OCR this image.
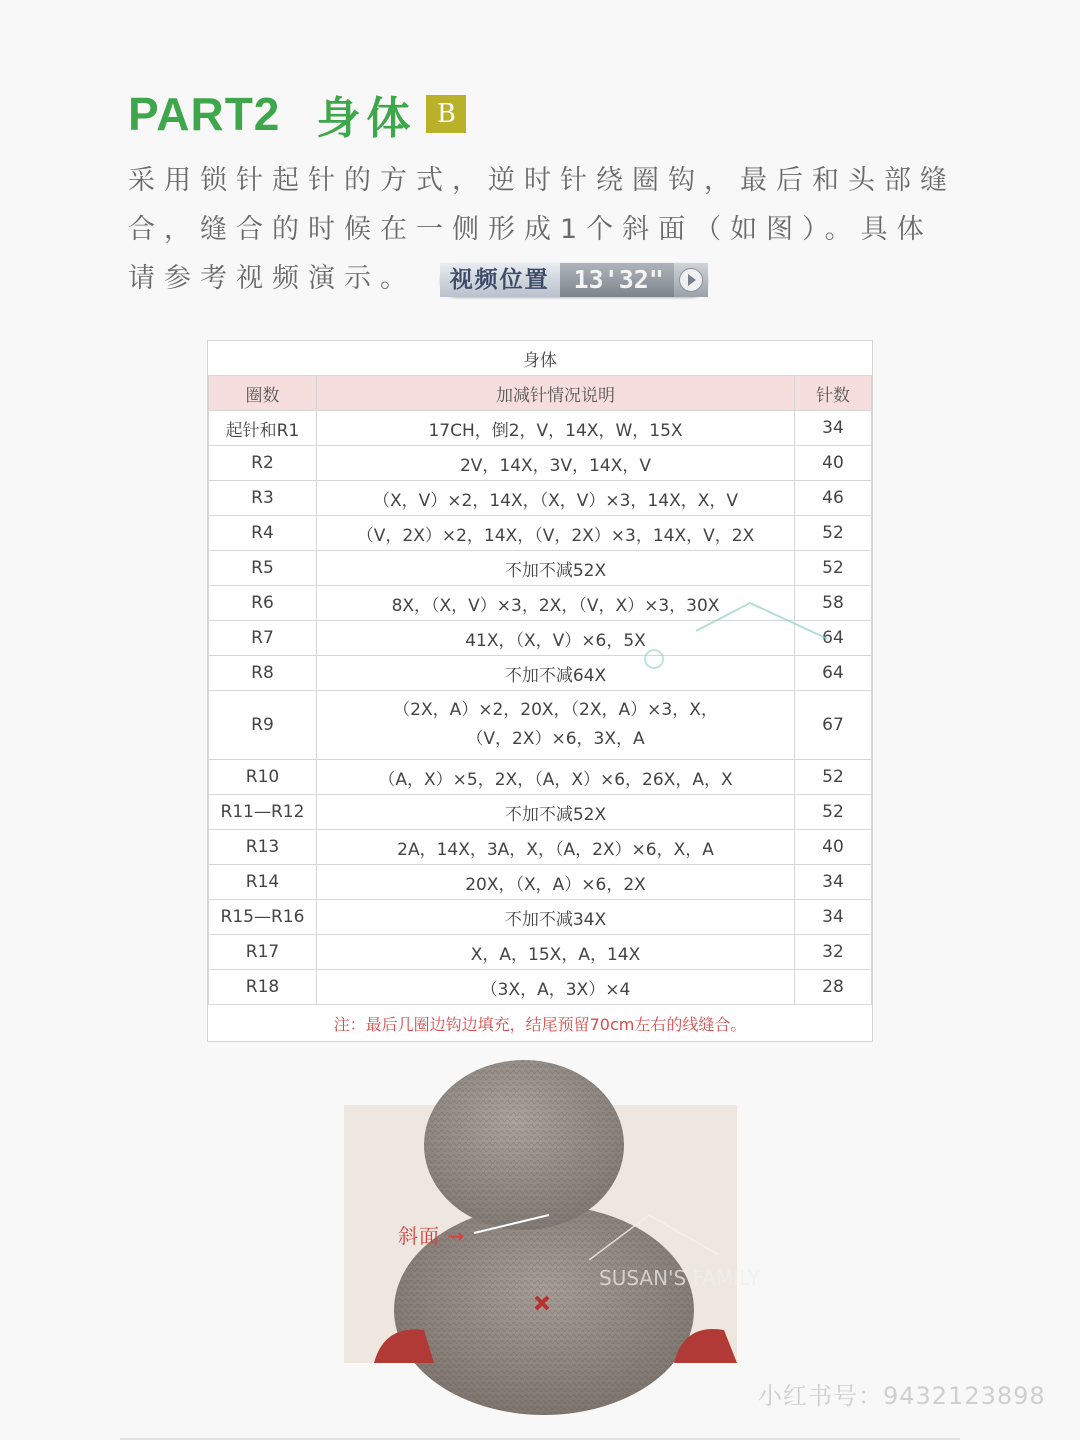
PART2 身体 B
采用锁针起针的方式，逆时针绕圈钩，最后和头部缝
合，缝合的时候在一侧形成1个斜面（如图）。具体
请参考视频演示。	视频位置 13'32"
身体		
圈数	加减针情况说明	针数
起针和R1	17CH，倒2，V，14X，W，15X	34
R2	2V，14X，3V，14X，V	40
R3	（X，V）×2，14X，（X，V）×3，14X，X，V	46
R4	（V，2X）×2，14X，（V，2X）×3，14X，V，2X	52
R5	不加不减52X	52
R6	8X，（X，V）×3，2X，（V，X）×3，30X	58
R7	41X，（X，V）×6，5X	64
R8	不加不减64X	64
R9	（2X，A）×2，20X，（2X，A）×3，X，
（V，2X）×6，3X，A	67
R10	（A，X）×5，2X，（A，X）×6，26X，A，X	52
R11—R12	不加不减52X	52
R13	2A，14X，3A，X，（A，2X）×6，X，A	40
R14	20X，（X，A）×6，2X	34
R15—R16	不加不减34X	34
R17	X，A，15X，A，14X	32
R18	（3X，A，3X）×4	28
注：最后几圈边钩边填充，结尾预留70cm左右的线缝合。		
SUSAN'S FAMILY
斜面 →
小红书号：9432123898
